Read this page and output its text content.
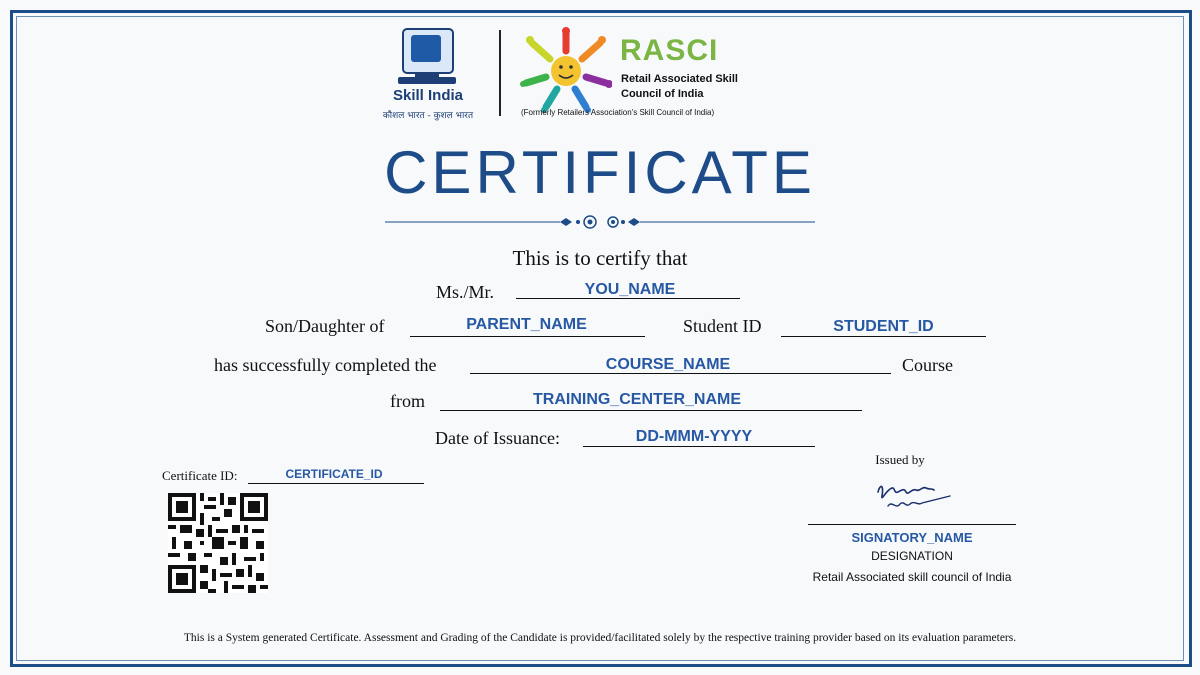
Skill India
कौशल भारत - कुशल भारत
RASCI
Retail Associated Skill Council of India
(Formerly Retailers Association's Skill Council of India)
CERTIFICATE
This is to certify that
Ms./Mr.	YOU_NAME
Son/Daughter of	PARENT_NAME	Student ID	STUDENT_ID
has successfully completed the	COURSE_NAME	Course
from	TRAINING_CENTER_NAME
Date of Issuance:	DD-MMM-YYYY
Certificate ID:	CERTIFICATE_ID
Issued by
SIGNATORY_NAME
DESIGNATION
Retail Associated skill council of India
This is a System generated Certificate. Assessment and Grading of the Candidate is provided/facilitated solely by the respective training provider based on its evaluation parameters.
